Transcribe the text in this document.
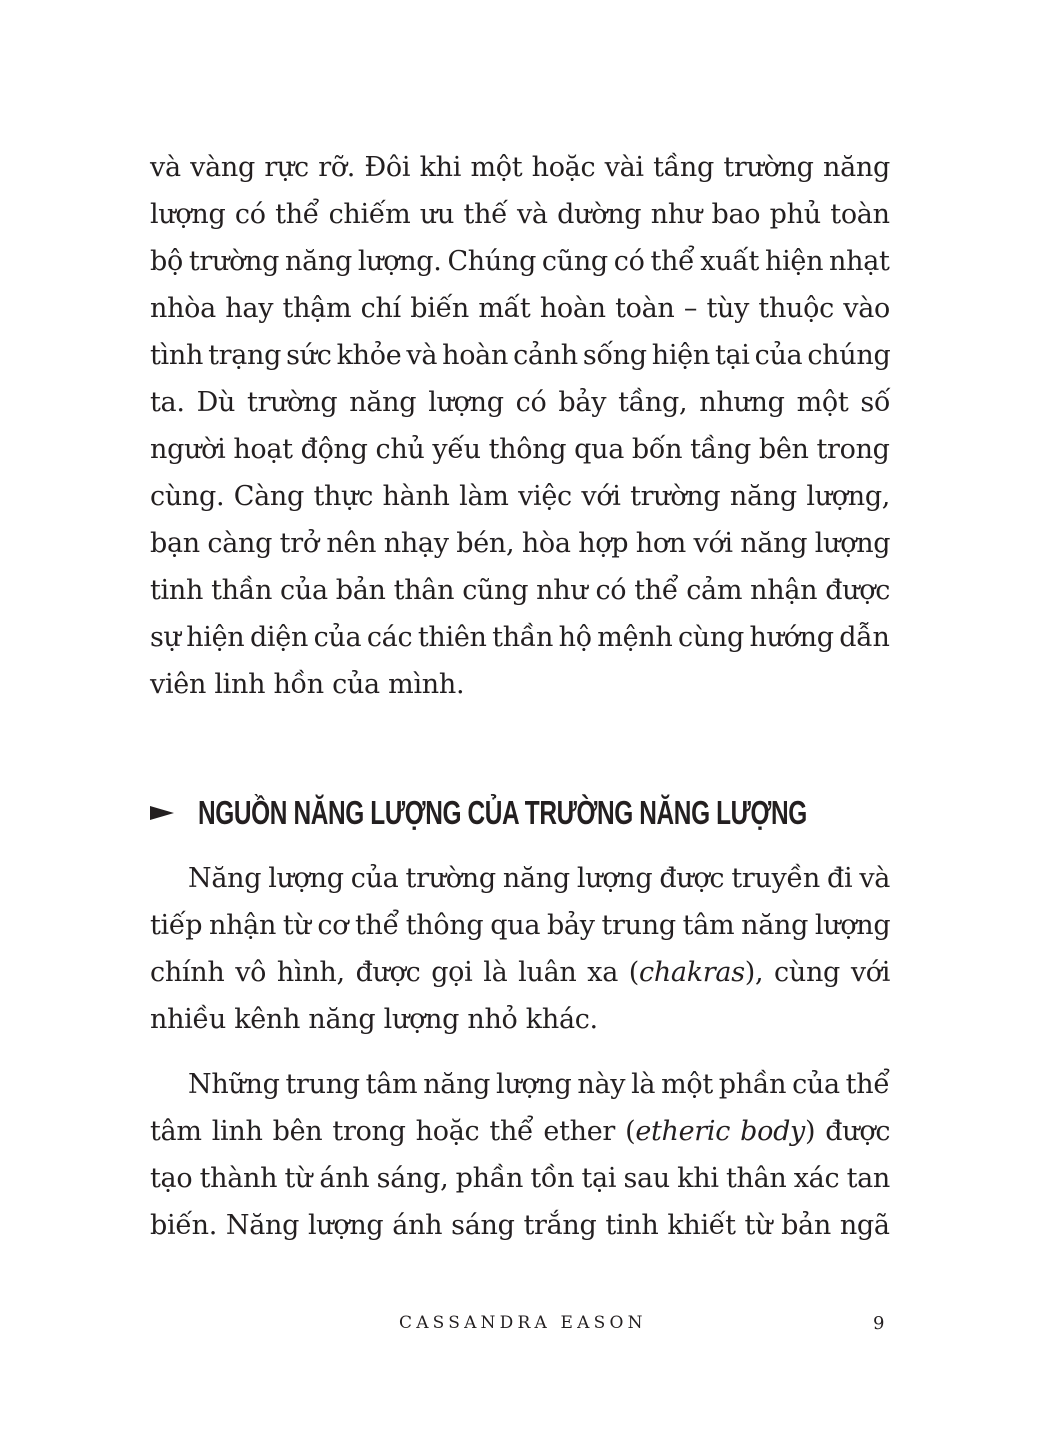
và vàng rực rỡ. Đôi khi một hoặc vài tầng trường năng
lượng có thể chiếm ưu thế và dường như bao phủ toàn
bộ trường năng lượng. Chúng cũng có thể xuất hiện nhạt
nhòa hay thậm chí biến mất hoàn toàn – tùy thuộc vào
tình trạng sức khỏe và hoàn cảnh sống hiện tại của chúng
ta. Dù trường năng lượng có bảy tầng, nhưng một số
người hoạt động chủ yếu thông qua bốn tầng bên trong
cùng. Càng thực hành làm việc với trường năng lượng,
bạn càng trở nên nhạy bén, hòa hợp hơn với năng lượng
tinh thần của bản thân cũng như có thể cảm nhận được
sự hiện diện của các thiên thần hộ mệnh cùng hướng dẫn
viên linh hồn của mình.
NGUỒN NĂNG LƯỢNG CỦA TRƯỜNG NĂNG LƯỢNG
Năng lượng của trường năng lượng được truyền đi và
tiếp nhận từ cơ thể thông qua bảy trung tâm năng lượng
chính vô hình, được gọi là luân xa (chakras), cùng với
nhiều kênh năng lượng nhỏ khác.
Những trung tâm năng lượng này là một phần của thể
tâm linh bên trong hoặc thể ether (etheric body) được
tạo thành từ ánh sáng, phần tồn tại sau khi thân xác tan
biến. Năng lượng ánh sáng trắng tinh khiết từ bản ngã
CASSANDRA EASON	9
